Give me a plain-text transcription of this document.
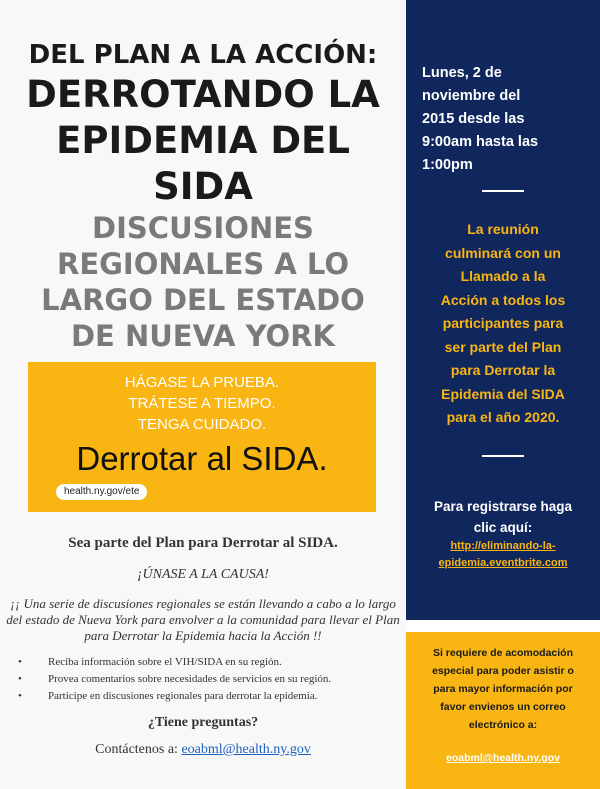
DEL PLAN A LA ACCIÓN:
DERROTANDO LA
EPIDEMIA DEL
SIDA
DISCUSIONES
REGIONALES A LO
LARGO DEL ESTADO
DE NUEVA YORK
HÁGASE LA PRUEBA.
TRÁTESE A TIEMPO.
TENGA CUIDADO.
Derrotar al SIDA.
health.ny.gov/ete
Sea parte del Plan para Derrotar al SIDA.
¡ÚNASE A LA CAUSA!
¡¡ Una serie de discusiones regionales se están llevando a cabo a lo largo del estado de Nueva York para envolver a la comunidad para llevar el Plan para Derrotar la Epidemia hacia la Acción !!
• Reciba información sobre el VIH/SIDA en su región.
• Provea comentarios sobre necesidades de servicios en su región.
• Participe en discusiones regionales para derrotar la epidemia.
¿Tiene preguntas?
Contáctenos a: eoabml@health.ny.gov
Lunes, 2 de
noviembre del
2015 desde las
9:00am hasta las
1:00pm
La reunión
culminará con un
Llamado a la
Acción a todos los
participantes para
ser parte del Plan
para Derrotar la
Epidemia del SIDA
para el año 2020.
Para registrarse haga
clic aquí:
http://eliminando-la-
epidemia.eventbrite.com
Si requiere de acomodación
especial para poder asistir o
para mayor información por
favor envienos un correo
electrónico a:
eoabml@health.ny.gov
